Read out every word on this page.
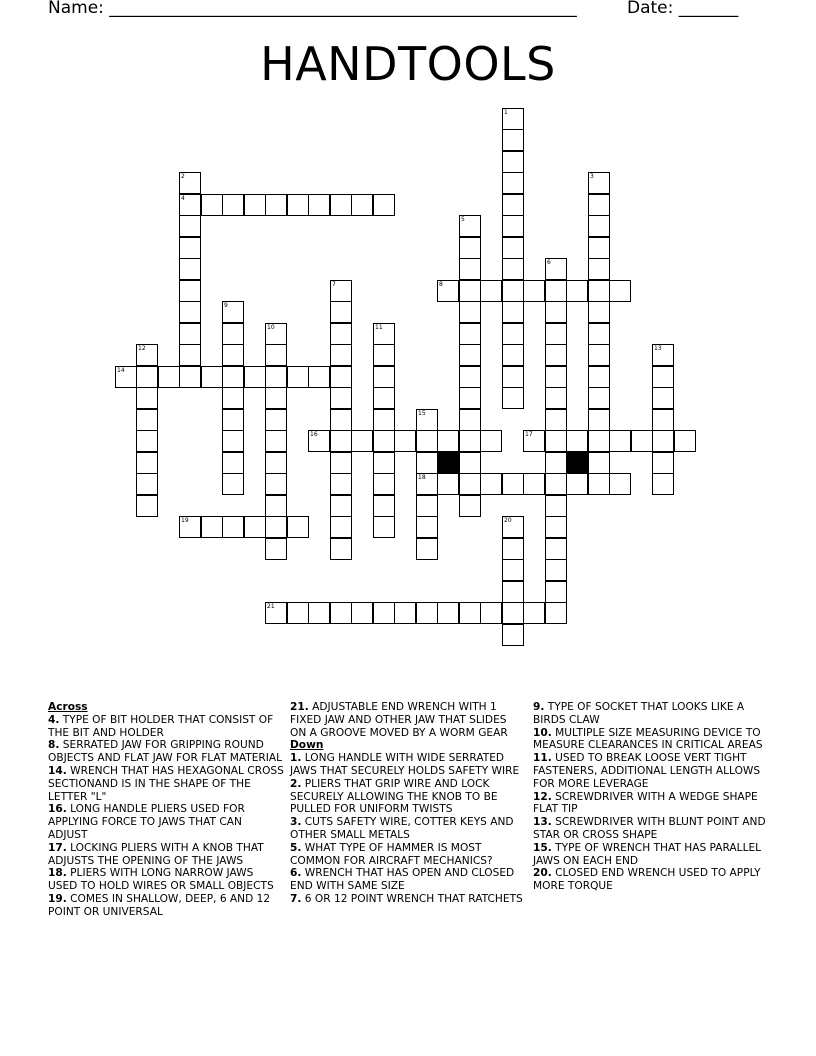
Name: _______________________________________________________	Date: _______
HANDTOOLS
1
2
4
3
5
6
7	8
9
10	11
12	13
14
15
18
16	17
19	20
21
Across
4. TYPE OF BIT HOLDER THAT CONSIST OF THE BIT AND HOLDER
8. SERRATED JAW FOR GRIPPING ROUND OBJECTS AND FLAT JAW FOR FLAT MATERIAL
14. WRENCH THAT HAS HEXAGONAL CROSS SECTIONAND IS IN THE SHAPE OF THE LETTER "L"
16. LONG HANDLE PLIERS USED FOR APPLYING FORCE TO JAWS THAT CAN ADJUST
17. LOCKING PLIERS WITH A KNOB THAT ADJUSTS THE OPENING OF THE JAWS
18. PLIERS WITH LONG NARROW JAWS USED TO HOLD WIRES OR SMALL OBJECTS
19. COMES IN SHALLOW, DEEP, 6 AND 12 POINT OR UNIVERSAL
21. ADJUSTABLE END WRENCH WITH 1 FIXED JAW AND OTHER JAW THAT SLIDES ON A GROOVE MOVED BY A WORM GEAR
Down
1. LONG HANDLE WITH WIDE SERRATED JAWS THAT SECURELY HOLDS SAFETY WIRE
2. PLIERS THAT GRIP WIRE AND LOCK SECURELY ALLOWING THE KNOB TO BE PULLED FOR UNIFORM TWISTS
3. CUTS SAFETY WIRE, COTTER KEYS AND OTHER SMALL METALS
5. WHAT TYPE OF HAMMER IS MOST COMMON FOR AIRCRAFT MECHANICS?
6. WRENCH THAT HAS OPEN AND CLOSED END WITH SAME SIZE
7. 6 OR 12 POINT WRENCH THAT RATCHETS
9. TYPE OF SOCKET THAT LOOKS LIKE A BIRDS CLAW
10. MULTIPLE SIZE MEASURING DEVICE TO MEASURE CLEARANCES IN CRITICAL AREAS
11. USED TO BREAK LOOSE VERT TIGHT FASTENERS, ADDITIONAL LENGTH ALLOWS FOR MORE LEVERAGE
12. SCREWDRIVER WITH A WEDGE SHAPE FLAT TIP
13. SCREWDRIVER WITH BLUNT POINT AND STAR OR CROSS SHAPE
15. TYPE OF WRENCH THAT HAS PARALLEL JAWS ON EACH END
20. CLOSED END WRENCH USED TO APPLY MORE TORQUE
